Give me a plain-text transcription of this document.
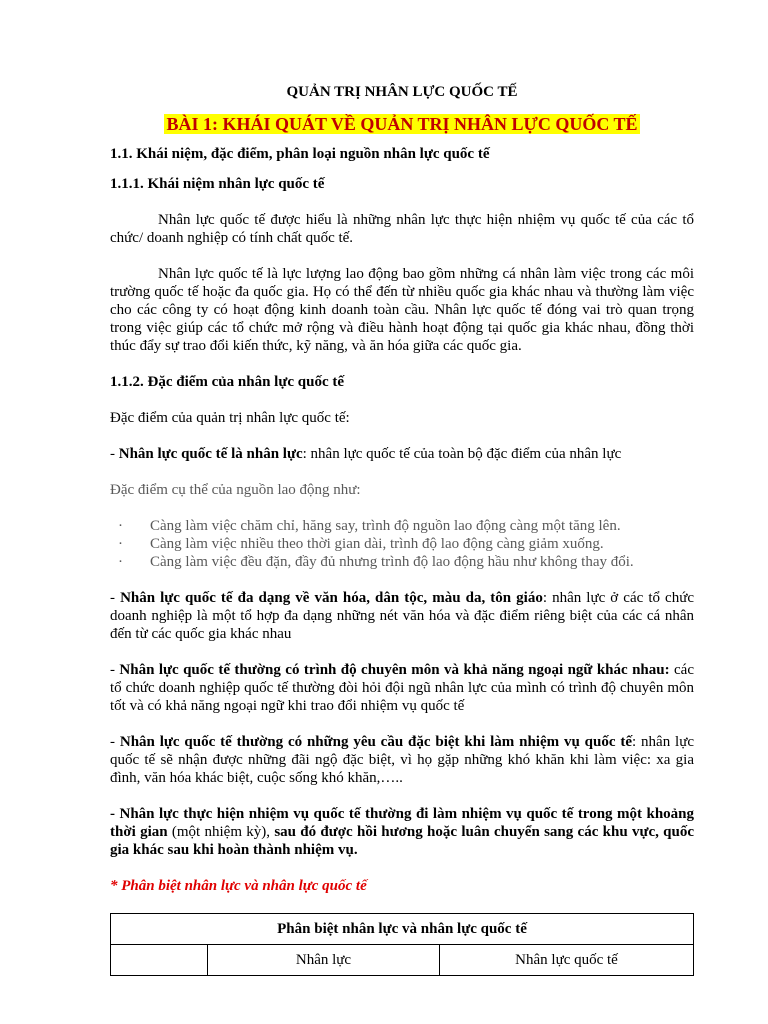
QUẢN TRỊ NHÂN LỰC QUỐC TẾ
BÀI 1: KHÁI QUÁT VỀ QUẢN TRỊ NHÂN LỰC QUỐC TẾ
1.1. Khái niệm, đặc điểm, phân loại nguồn nhân lực quốc tế
1.1.1. Khái niệm nhân lực quốc tế

Nhân lực quốc tế được hiểu là những nhân lực thực hiện nhiệm vụ quốc tế của các tổ chức/ doanh nghiệp có tính chất quốc tế.

Nhân lực quốc tế là lực lượng lao động bao gồm những cá nhân làm việc trong các môi trường quốc tế hoặc đa quốc gia. Họ có thể đến từ nhiều quốc gia khác nhau và thường làm việc cho các công ty có hoạt động kinh doanh toàn cầu. Nhân lực quốc tế đóng vai trò quan trọng trong việc giúp các tổ chức mở rộng và điều hành hoạt động tại quốc gia khác nhau, đồng thời thúc đẩy sự trao đổi kiến thức, kỹ năng, và ăn hóa giữa các quốc gia.

1.1.2. Đặc điểm của nhân lực quốc tế

Đặc điểm của quản trị nhân lực quốc tế:

- Nhân lực quốc tế là nhân lực: nhân lực quốc tế của toàn bộ đặc điểm của nhân lực

Đặc điểm cụ thể của nguồn lao động như:

· Càng làm việc chăm chỉ, hăng say, trình độ nguồn lao động càng một tăng lên.
· Càng làm việc nhiều theo thời gian dài, trình độ lao động càng giảm xuống.
· Càng làm việc đều đặn, đầy đủ nhưng trình độ lao động hầu như không thay đổi.

- Nhân lực quốc tế đa dạng về văn hóa, dân tộc, màu da, tôn giáo: nhân lực ở các tổ chức doanh nghiệp là một tổ hợp đa dạng những nét văn hóa và đặc điểm riêng biệt của các cá nhân đến từ các quốc gia khác nhau

- Nhân lực quốc tế thường có trình độ chuyên môn và khả năng ngoại ngữ khác nhau: các tổ chức doanh nghiệp quốc tế thường đòi hỏi đội ngũ nhân lực của mình có trình độ chuyên môn tốt và có khả năng ngoại ngữ khi trao đổi nhiệm vụ quốc tế

- Nhân lực quốc tế thường có những yêu cầu đặc biệt khi làm nhiệm vụ quốc tế: nhân lực quốc tế sẽ nhận được những đãi ngộ đặc biệt, vì họ gặp những khó khăn khi làm việc: xa gia đình, văn hóa khác biệt, cuộc sống khó khăn,…..

- Nhân lực thực hiện nhiệm vụ quốc tế thường đi làm nhiệm vụ quốc tế trong một khoảng thời gian (một nhiệm kỳ), sau đó được hồi hương hoặc luân chuyển sang các khu vực, quốc gia khác sau khi hoàn thành nhiệm vụ.

* Phân biệt nhân lực và nhân lực quốc tế

Phân biệt nhân lực và nhân lực quốc tế
	Nhân lực	Nhân lực quốc tế
